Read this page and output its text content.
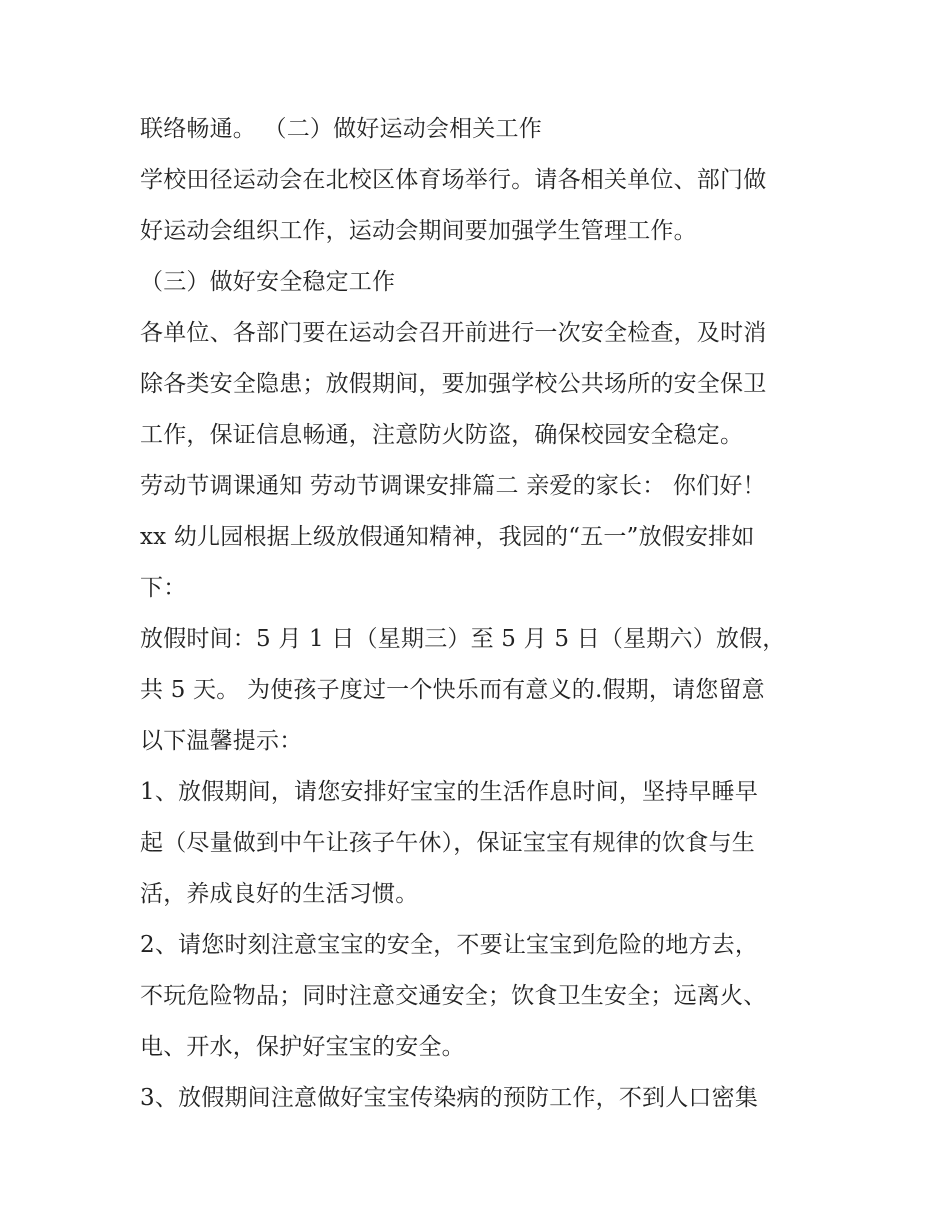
联络畅通。 （二）做好运动会相关工作
学校田径运动会在北校区体育场举行。请各相关单位、部门做
好运动会组织工作，运动会期间要加强学生管理工作。
（三）做好安全稳定工作
各单位、各部门要在运动会召开前进行一次安全检查，及时消
除各类安全隐患；放假期间，要加强学校公共场所的安全保卫
工作，保证信息畅通，注意防火防盗，确保校园安全稳定。
劳动节调课通知 劳动节调课安排篇二 亲爱的家长： 你们好！
xx 幼儿园根据上级放假通知精神，我园的“五一”放假安排如
下：
放假时间：5 月 1 日（星期三）至 5 月 5 日（星期六）放假，
共 5 天。 为使孩子度过一个快乐而有意义的.假期，请您留意
以下温馨提示：
1、放假期间，请您安排好宝宝的生活作息时间，坚持早睡早
起（尽量做到中午让孩子午休），保证宝宝有规律的饮食与生
活，养成良好的生活习惯。
2、请您时刻注意宝宝的安全，不要让宝宝到危险的地方去，
不玩危险物品；同时注意交通安全；饮食卫生安全；远离火、
电、开水，保护好宝宝的安全。
3、放假期间注意做好宝宝传染病的预防工作，不到人口密集
